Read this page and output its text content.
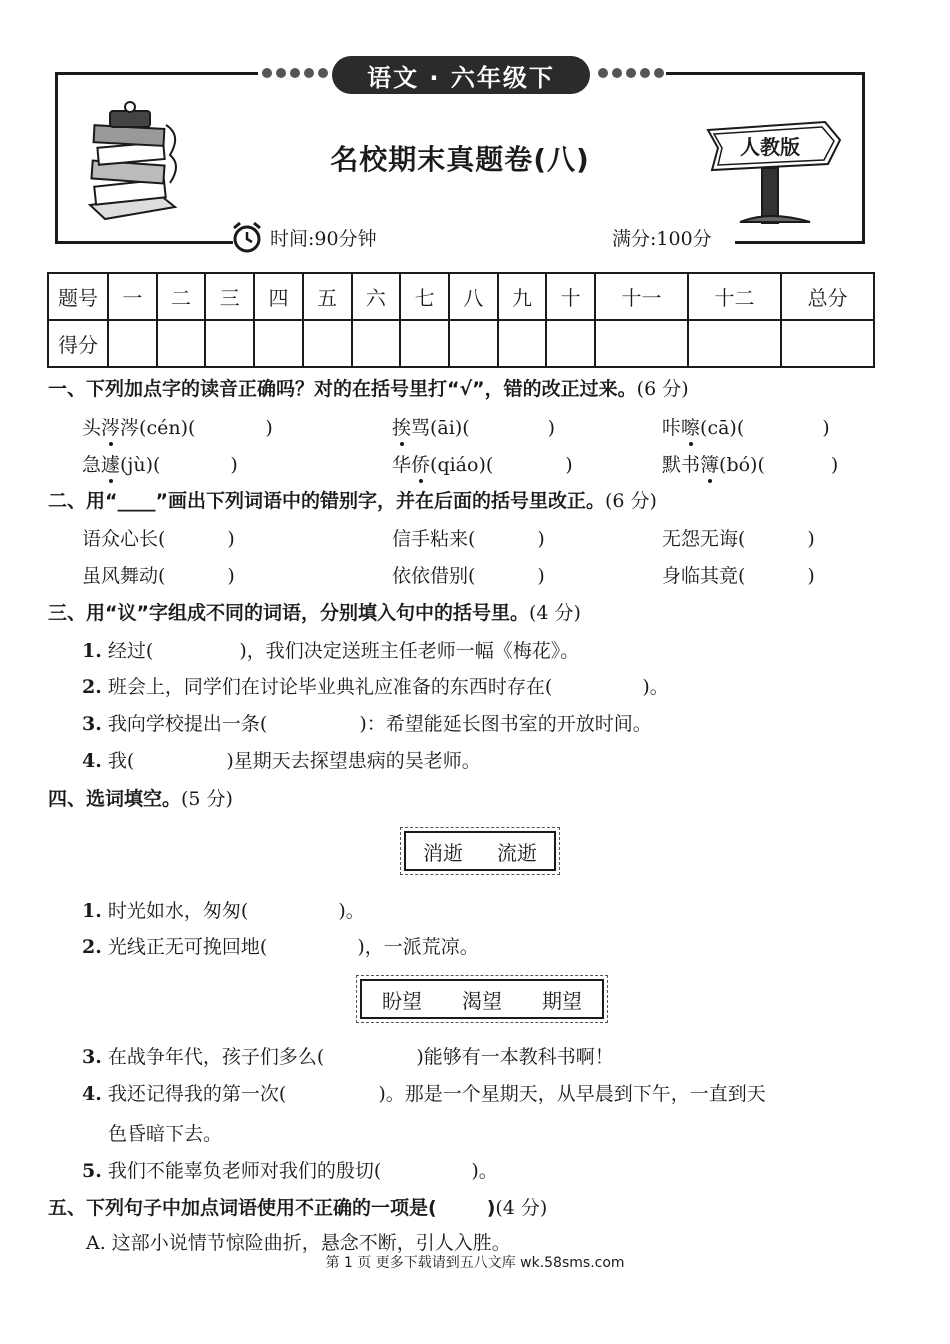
语文 · 六年级下
名校期末真题卷(八)	人教版
时间:90分钟	满分:100分
题号	一	二	三	四	五	六	七	八	九	十	十一	十二	总分
得分													
一、下列加点字的读音正确吗？对的在括号里打“√”，错的改正过来。(6 分)
头涔涔(cén)(	)	挨骂(āi)(	)	咔嚓(cā)(	)
急遽(jù)(	)	华侨(qiáo)(	)	默书簿(bó)(	)
二、用“____”画出下列词语中的错别字，并在后面的括号里改正。(6 分)
语众心长(	)	信手粘来(	)	无怨无诲(	)
虽风舞动(	)	依依借别(	)	身临其竟(	)
三、用“议”字组成不同的词语，分别填入句中的括号里。(4 分)
1. 经过(	)，我们决定送班主任老师一幅《梅花》。
2. 班会上，同学们在讨论毕业典礼应准备的东西时存在(	)。
3. 我向学校提出一条(	)：希望能延长图书室的开放时间。
4. 我(	)星期天去探望患病的吴老师。
四、选词填空。(5 分)
消逝 流逝
1. 时光如水，匆匆(	)。
2. 光线正无可挽回地(	)，一派荒凉。
盼望 渴望 期望
3. 在战争年代，孩子们多么(	)能够有一本教科书啊！
4. 我还记得我的第一次(	)。那是一个星期天，从早晨到下午，一直到天
色昏暗下去。
5. 我们不能辜负老师对我们的殷切(	)。
五、下列句子中加点词语使用不正确的一项是(	)(4 分)
A. 这部小说情节惊险曲折，悬念不断，引人入胜。
第 1 页 更多下载请到五八文库 wk.58sms.com
